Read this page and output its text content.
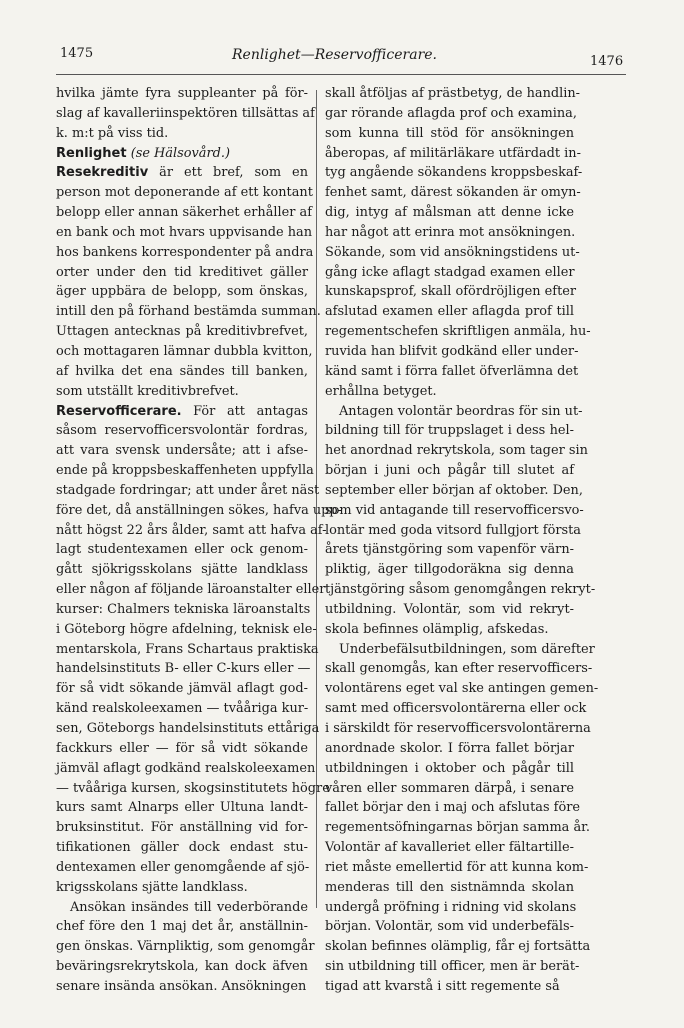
1475	Renlighet—Reservofficerare.	1476
hvilka jämte fyra suppleanter på för-
slag af kavalleriinspektören tillsättas af
k. m:t på viss tid.
Renlighet (se Hälsovård.)
Resekreditiv är ett bref, som en
person mot deponerande af ett kontant
belopp eller annan säkerhet erhåller af
en bank och mot hvars uppvisande han
hos bankens korrespondenter på andra
orter under den tid kreditivet gäller
äger uppbära de belopp, som önskas,
intill den på förhand bestämda summan.
Uttagen antecknas på kreditivbrefvet,
och mottagaren lämnar dubbla kvitton,
af hvilka det ena sändes till banken,
som utställt kreditivbrefvet.
Reservofficerare. För att antagas
såsom reservofficersvolontär fordras,
att vara svensk undersåte; att i afse-
ende på kroppsbeskaffenheten uppfylla
stadgade fordringar; att under året näst
före det, då anställningen sökes, hafva upp-
nått högst 22 års ålder, samt att hafva af-
lagt studentexamen eller ock genom-
gått sjökrigsskolans sjätte landklass
eller någon af följande läroanstalter eller
kurser: Chalmers tekniska läroanstalts
i Göteborg högre afdelning, teknisk ele-
mentarskola, Frans Schartaus praktiska
handelsinstituts B- eller C-kurs eller —
för så vidt sökande jämväl aflagt god-
känd realskoleexamen — tvååriga kur-
sen, Göteborgs handelsinstituts ettåriga
fackkurs eller — för så vidt sökande
jämväl aflagt godkänd realskoleexamen
— tvååriga kursen, skogsinstitutets högre
kurs samt Alnarps eller Ultuna landt-
bruksinstitut. För anställning vid for-
tifikationen gäller dock endast stu-
dentexamen eller genomgående af sjö-
krigsskolans sjätte landklass.
Ansökan insändes till vederbörande
chef före den 1 maj det år, anställnin-
gen önskas. Värnpliktig, som genomgår
beväringsrekrytskola, kan dock äfven
senare insända ansökan. Ansökningen
skall åtföljas af prästbetyg, de handlin-
gar rörande aflagda prof och examina,
som kunna till stöd för ansökningen
åberopas, af militärläkare utfärdadt in-
tyg angående sökandens kroppsbeskaf-
fenhet samt, därest sökanden är omyn-
dig, intyg af målsman att denne icke
har något att erinra mot ansökningen.
Sökande, som vid ansökningstidens ut-
gång icke aflagt stadgad examen eller
kunskapsprof, skall ofördröjligen efter
afslutad examen eller aflagda prof till
regementschefen skriftligen anmäla, hu-
ruvida han blifvit godkänd eller under-
känd samt i förra fallet öfverlämna det
erhållna betyget.
Antagen volontär beordras för sin ut-
bildning till för truppslaget i dess hel-
het anordnad rekrytskola, som tager sin
början i juni och pågår till slutet af
september eller början af oktober. Den,
som vid antagande till reservofficersvo-
lontär med goda vitsord fullgjort första
årets tjänstgöring som vapenför värn-
pliktig, äger tillgodoräkna sig denna
tjänstgöring såsom genomgången rekryt-
utbildning. Volontär, som vid rekryt-
skola befinnes olämplig, afskedas.
Underbefälsutbildningen, som därefter
skall genomgås, kan efter reservofficers-
volontärens eget val ske antingen gemen-
samt med officersvolontärerna eller ock
i särskildt för reservofficersvolontärerna
anordnade skolor. I förra fallet börjar
utbildningen i oktober och pågår till
våren eller sommaren därpå, i senare
fallet börjar den i maj och afslutas före
regementsöfningarnas början samma år.
Volontär af kavalleriet eller fältartille-
riet måste emellertid för att kunna kom-
menderas till den sistnämnda skolan
undergå pröfning i ridning vid skolans
början. Volontär, som vid underbefäls-
skolan befinnes olämplig, får ej fortsätta
sin utbildning till officer, men är berät-
tigad att kvarstå i sitt regemente så
